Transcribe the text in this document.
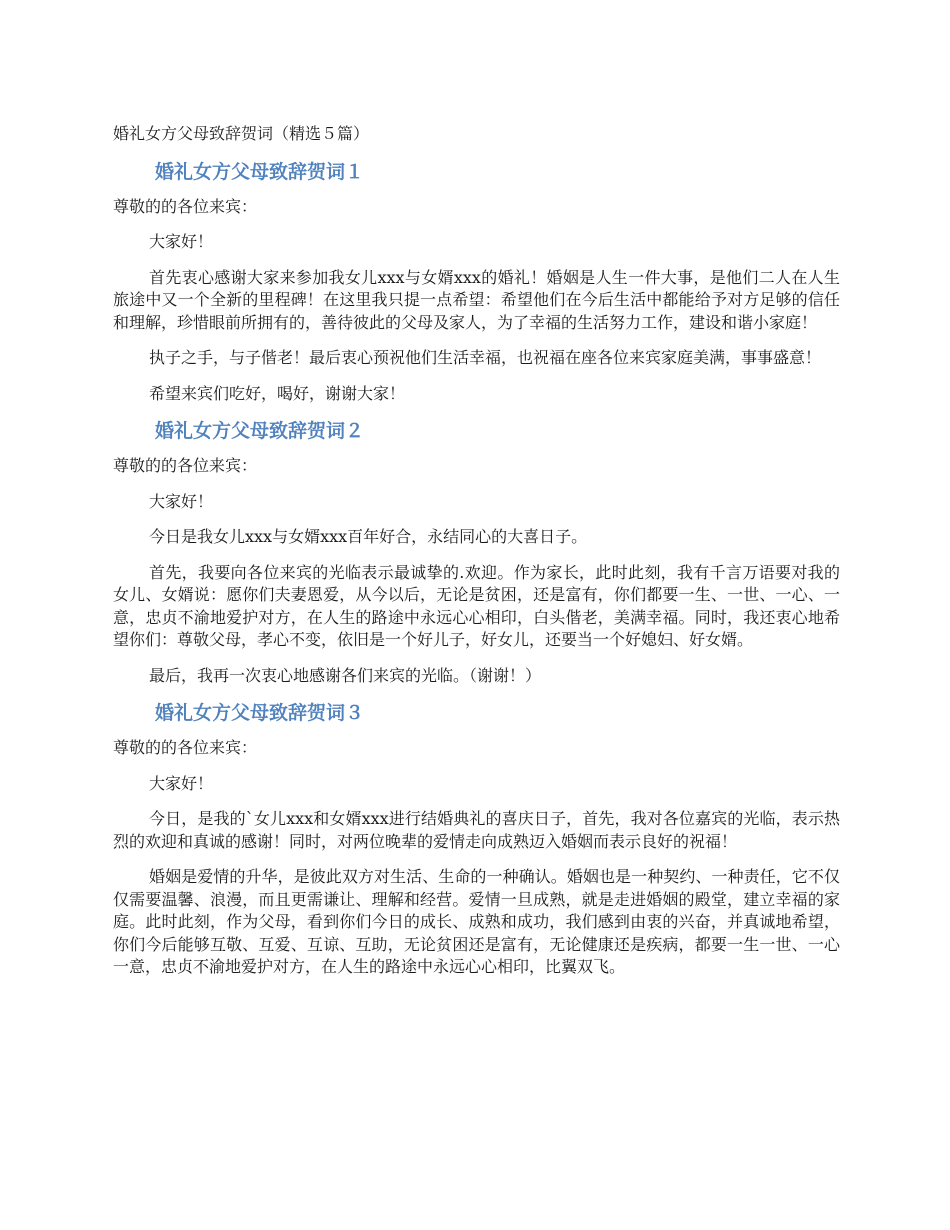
婚礼女方父母致辞贺词（精选５篇）

婚礼女方父母致辞贺词１

尊敬的的各位来宾：

大家好！

首先衷心感谢大家来参加我女儿xxx与女婿xxx的婚礼！婚姻是人生一件大事，是他们二人在人生旅途中又一个全新的里程碑！在这里我只提一点希望：希望他们在今后生活中都能给予对方足够的信任和理解，珍惜眼前所拥有的，善待彼此的父母及家人，为了幸福的生活努力工作，建设和谐小家庭！

执子之手，与子偕老！最后衷心预祝他们生活幸福，也祝福在座各位来宾家庭美满，事事盛意！

希望来宾们吃好，喝好，谢谢大家！

婚礼女方父母致辞贺词２

尊敬的的各位来宾：

大家好！

今日是我女儿xxx与女婿xxx百年好合，永结同心的大喜日子。

首先，我要向各位来宾的光临表示最诚挚的.欢迎。作为家长，此时此刻，我有千言万语要对我的女儿、女婿说：愿你们夫妻恩爱，从今以后，无论是贫困，还是富有，你们都要一生、一世、一心、一意，忠贞不渝地爱护对方，在人生的路途中永远心心相印，白头偕老，美满幸福。同时，我还衷心地希望你们：尊敬父母，孝心不变，依旧是一个好儿子，好女儿，还要当一个好媳妇、好女婿。

最后，我再一次衷心地感谢各们来宾的光临。（谢谢！）

婚礼女方父母致辞贺词３

尊敬的的各位来宾：

大家好！

今日，是我的`女儿xxx和女婿xxx进行结婚典礼的喜庆日子，首先，我对各位嘉宾的光临，表示热烈的欢迎和真诚的感谢！同时，对两位晚辈的爱情走向成熟迈入婚姻而表示良好的祝福！

婚姻是爱情的升华，是彼此双方对生活、生命的一种确认。婚姻也是一种契约、一种责任，它不仅仅需要温馨、浪漫，而且更需谦让、理解和经营。爱情一旦成熟，就是走进婚姻的殿堂，建立幸福的家庭。此时此刻，作为父母，看到你们今日的成长、成熟和成功，我们感到由衷的兴奋，并真诚地希望，你们今后能够互敬、互爱、互谅、互助，无论贫困还是富有，无论健康还是疾病，都要一生一世、一心一意，忠贞不渝地爱护对方，在人生的路途中永远心心相印，比翼双飞。
